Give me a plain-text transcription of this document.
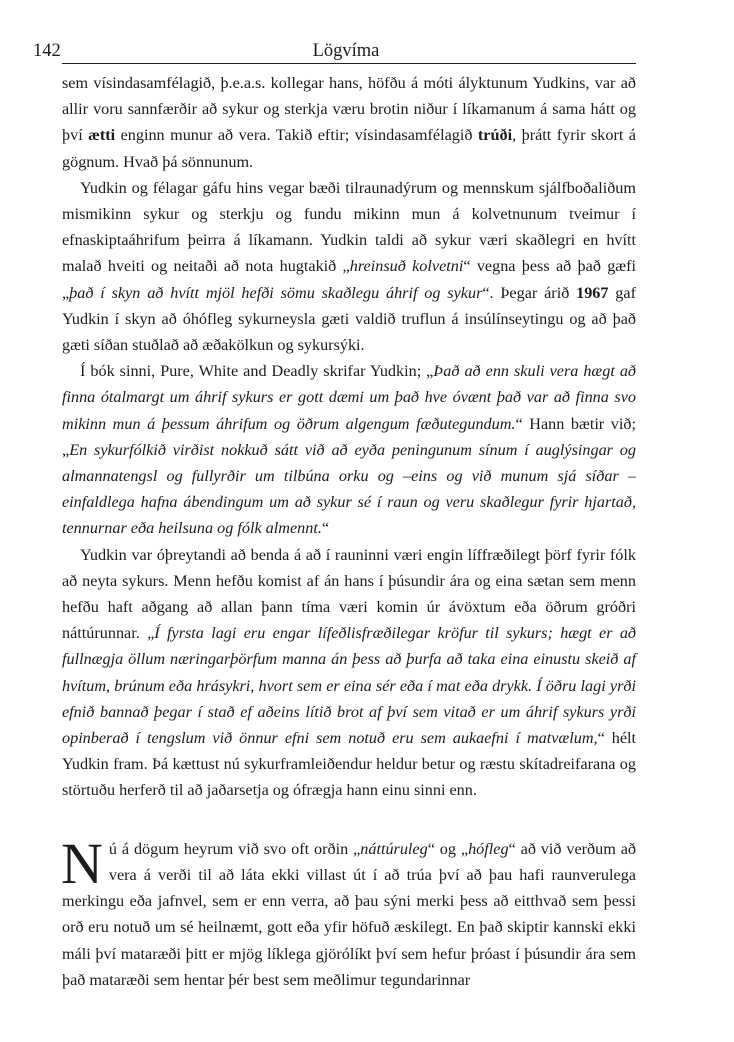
142	Lögvíma

sem vísindasamfélagið, þ.e.a.s. kollegar hans, höfðu á móti ályktunum Yudkins, var að allir voru sannfærðir að sykur og sterkja væru brotin niður í líkamanum á sama hátt og því ætti enginn munur að vera. Takið eftir; vísindasamfélagið trúði, þrátt fyrir skort á gögnum. Hvað þá sönnunum.

Yudkin og félagar gáfu hins vegar bæði tilraunadýrum og mennskum sjálfboðaliðum mismikinn sykur og sterkju og fundu mikinn mun á kolvetnunum tveimur í efnaskiptaáhrifum þeirra á líkamann. Yudkin taldi að sykur væri skaðlegri en hvítt malað hveiti og neitaði að nota hugtakið „hreinsuð kolvetni“ vegna þess að það gæfi „það í skyn að hvítt mjöl hefði sömu skaðlegu áhrif og sykur“. Þegar árið 1967 gaf Yudkin í skyn að óhófleg sykurneysla gæti valdið truflun á insúlínseytingu og að það gæti síðan stuðlað að æðakölkun og sykursýki.

Í bók sinni, Pure, White and Deadly skrifar Yudkin; „Það að enn skuli vera hægt að finna ótalmargt um áhrif sykurs er gott dæmi um það hve óvænt það var að finna svo mikinn mun á þessum áhrifum og öðrum algengum fæðutegundum.“ Hann bætir við; „En sykurfólkið virðist nokkuð sátt við að eyða peningunum sínum í auglýsingar og almannatengsl og fullyrðir um tilbúna orku og –eins og við munum sjá síðar –einfaldlega hafna ábendingum um að sykur sé í raun og veru skaðlegur fyrir hjartað, tennurnar eða heilsuna og fólk almennt.“

Yudkin var óþreytandi að benda á að í rauninni væri engin líffræðilegt þörf fyrir fólk að neyta sykurs. Menn hefðu komist af án hans í þúsundir ára og eina sætan sem menn hefðu haft aðgang að allan þann tíma væri komin úr ávöxtum eða öðrum gróðri náttúrunnar. „Í fyrsta lagi eru engar lífeðlisfræðilegar kröfur til sykurs; hægt er að fullnægja öllum næringarþörfum manna án þess að þurfa að taka eina einustu skeið af hvítum, brúnum eða hrásykri, hvort sem er eina sér eða í mat eða drykk. Í öðru lagi yrði efnið bannað þegar í stað ef aðeins lítið brot af því sem vitað er um áhrif sykurs yrði opinberað í tengslum við önnur efni sem notuð eru sem aukaefni í matvælum,“ hélt Yudkin fram. Þá kættust nú sykurframleiðendur heldur betur og ræstu skítadreifarana og störtuðu herferð til að jaðarsetja og ófrægja hann einu sinni enn.

Nú á dögum heyrum við svo oft orðin „náttúruleg“ og „hófleg“ að við verðum að vera á verði til að láta ekki villast út í að trúa því að þau hafi raunverulega merkingu eða jafnvel, sem er enn verra, að þau sýni merki þess að eitthvað sem þessi orð eru notuð um sé heilnæmt, gott eða yfir höfuð æskilegt. En það skiptir kannski ekki máli því mataræði þitt er mjög líklega gjörólíkt því sem hefur þróast í þúsundir ára sem það mataræði sem hentar þér best sem meðlimur tegundarinnar
